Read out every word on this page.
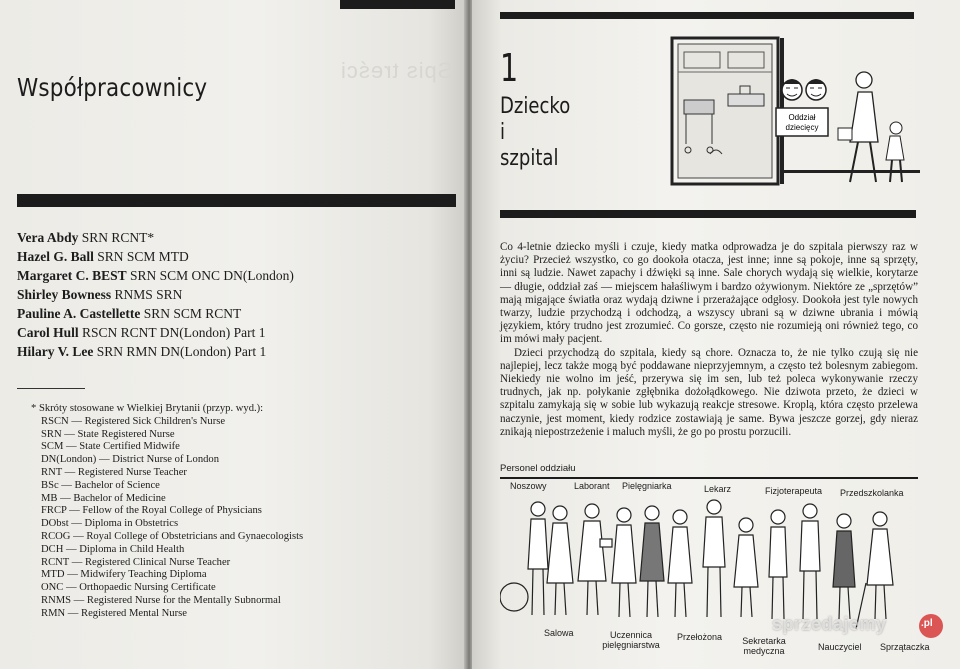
Spis treści
Współpracownicy
Vera Abdy SRN RCNT*
Hazel G. Ball SRN SCM MTD
Margaret C. BEST SRN SCM ONC DN(London)
Shirley Bowness RNMS SRN
Pauline A. Castellette SRN SCM RCNT
Carol Hull RSCN RCNT DN(London) Part 1
Hilary V. Lee SRN RMN DN(London) Part 1
* Skróty stosowane w Wielkiej Brytanii (przyp. wyd.):
RSCN — Registered Sick Children's Nurse
SRN — State Registered Nurse
SCM — State Certified Midwife
DN(London) — District Nurse of London
RNT — Registered Nurse Teacher
BSc — Bachelor of Science
MB — Bachelor of Medicine
FRCP — Fellow of the Royal College of Physicians
DObst — Diploma in Obstetrics
RCOG — Royal College of Obstetricians and Gynaecologists
DCH — Diploma in Child Health
RCNT — Registered Clinical Nurse Teacher
MTD — Midwifery Teaching Diploma
ONC — Orthopaedic Nursing Certificate
RNMS — Registered Nurse for the Mentally Subnormal
RMN — Registered Mental Nurse
1
Dziecko
i
szpital
Oddział
dziecięcy

Co 4-letnie dziecko myśli i czuje, kiedy matka odprowadza je do szpitala pierwszy raz w życiu? Przecież wszystko, co go dookoła otacza, jest inne; inne są pokoje, inne są sprzęty, inni są ludzie. Nawet zapachy i dźwięki są inne. Sale chorych wydają się wielkie, korytarze — długie, oddział zaś — miejscem hałaśliwym i bardzo ożywionym. Niektóre ze „sprzętów” mają migające światła oraz wydają dziwne i przerażające odgłosy. Dookoła jest tyle nowych twarzy, ludzie przychodzą i odchodzą, a wszyscy ubrani są w dziwne ubrania i mówią językiem, który trudno jest zrozumieć. Co gorsze, często nie rozumieją oni również tego, co im mówi mały pacjent.

Dzieci przychodzą do szpitala, kiedy są chore. Oznacza to, że nie tylko czują się nie najlepiej, lecz także mogą być poddawane nieprzyjemnym, a często też bolesnym zabiegom. Niekiedy nie wolno im jeść, przerywa się im sen, lub też poleca wykonywanie rzeczy trudnych, jak np. połykanie zgłębnika dożołądkowego. Nie dziwota przeto, że dzieci w szpitalu zamykają się w sobie lub wykazują reakcje stresowe. Kroplą, która często przelewa naczynie, jest moment, kiedy rodzice zostawiają je same. Bywa jeszcze gorzej, gdy nieraz znikają niepostrzeżenie i maluch myśli, że go po prostu porzucili.

Personel oddziału
Noszowy	Laborant Pielęgniarka	Lekarz	Fizjoterapeuta Przedszkolanka
Salowa	Uczennica pielęgniarstwa
Przełożona	Sekretarka medyczna	Nauczyciel Sprzątaczka
sprzedajemy	.pl
